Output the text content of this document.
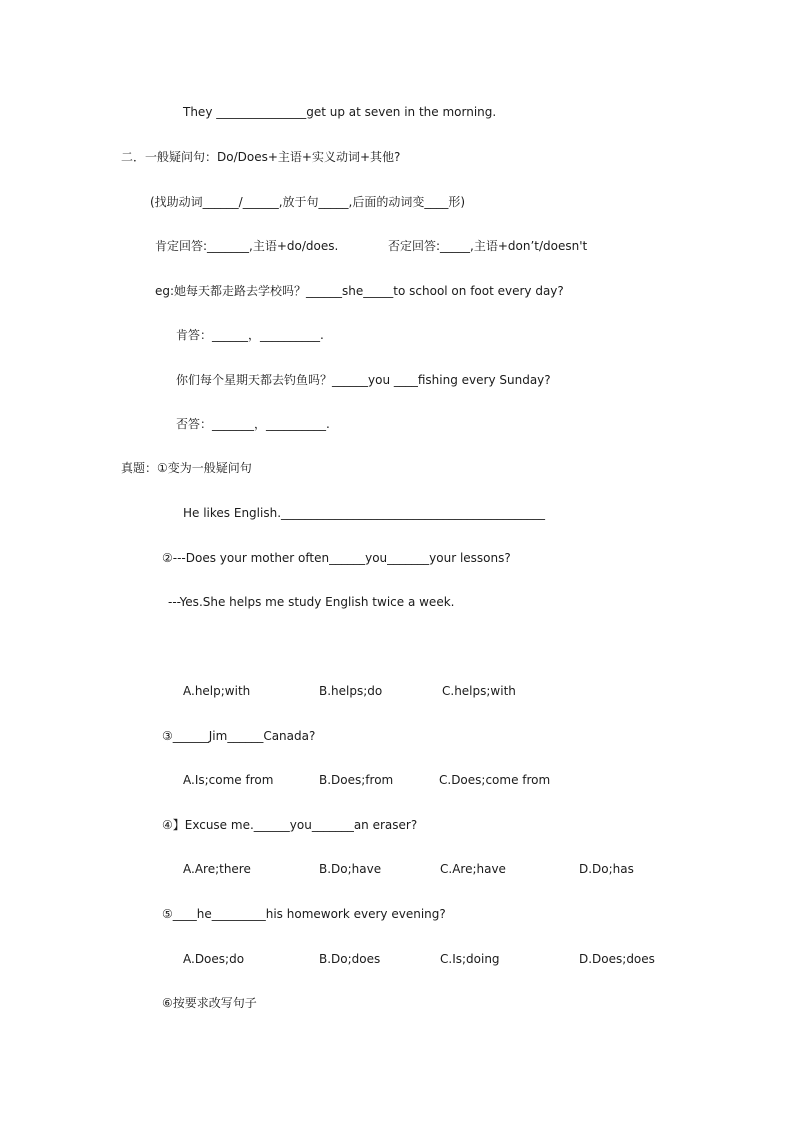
They _______________get up at seven in the morning.
二．一般疑问句：Do/Does+主语+实义动词+其他?
(找助动词______/______,放于句_____,后面的动词变____形)
肯定回答:_______,主语+do/does.	否定回答:_____,主语+don’t/doesn't
eg:她每天都走路去学校吗？______she_____to school on foot every day?
肯答：______，__________.
你们每个星期天都去钓鱼吗？______you ____fishing every Sunday?
否答：_______，__________.
真题：①变为一般疑问句
He likes English.____________________________________________
②---Does your mother often______you_______your lessons?
---Yes.She helps me study English twice a week.
A.help;with	B.helps;do	C.helps;with
③______Jim______Canada?
A.Is;come from	B.Does;from	C.Does;come from
④】Excuse me.______you_______an eraser?
A.Are;there	B.Do;have	C.Are;have	D.Do;has
⑤____he_________his homework every evening?
A.Does;do	B.Do;does	C.Is;doing	D.Does;does
⑥按要求改写句子
